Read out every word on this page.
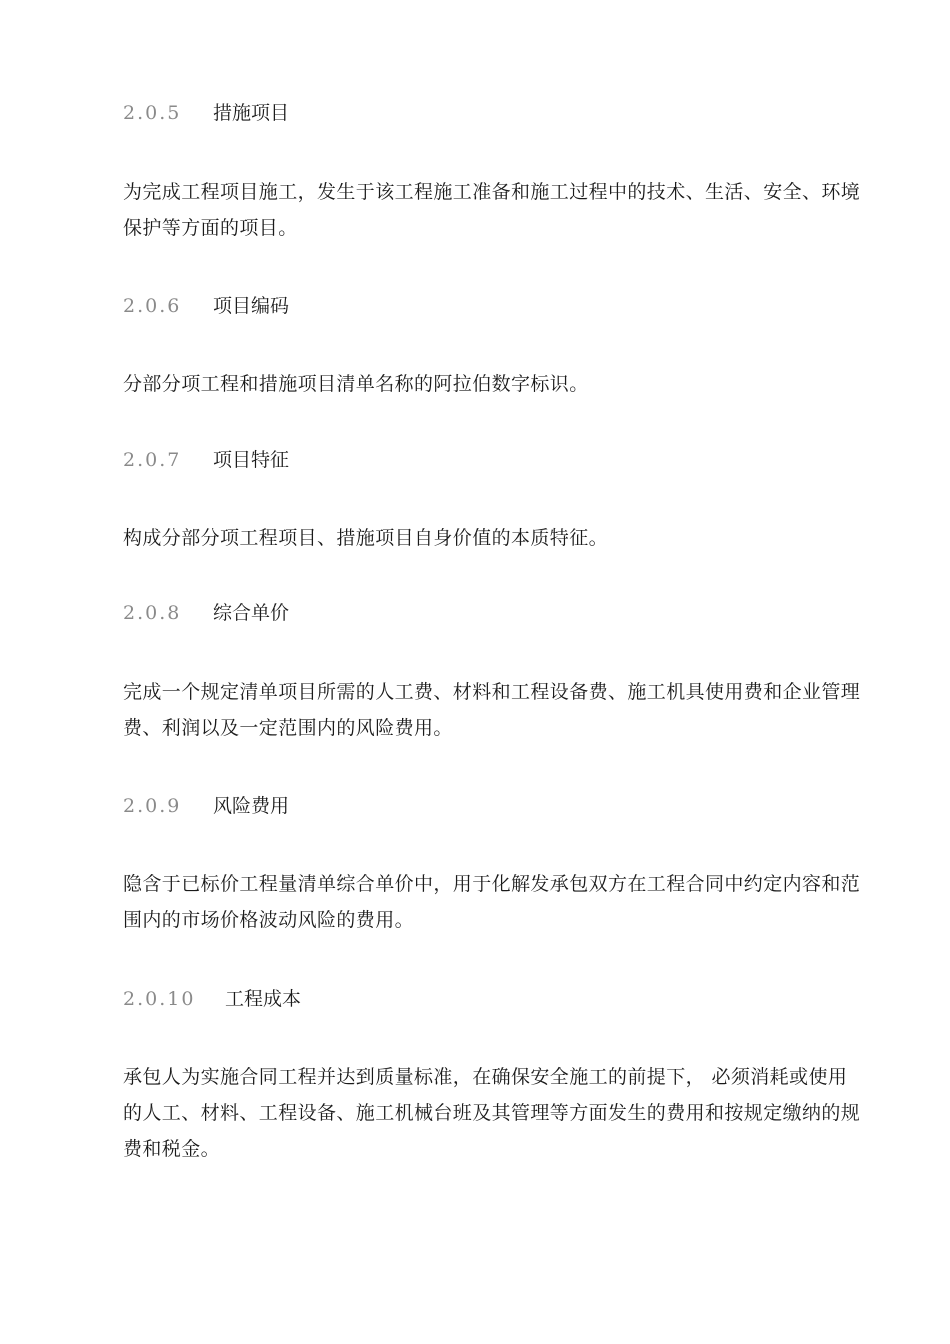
2.0.5 措施项目
为完成工程项目施工，发生于该工程施工准备和施工过程中的技术、生活、安全、环境保护等方面的项目。
2.0.6 项目编码
分部分项工程和措施项目清单名称的阿拉伯数字标识。
2.0.7 项目特征
构成分部分项工程项目、措施项目自身价值的本质特征。
2.0.8 综合单价
完成一个规定清单项目所需的人工费、材料和工程设备费、施工机具使用费和企业管理费、利润以及一定范围内的风险费用。
2.0.9 风险费用
隐含于已标价工程量清单综合单价中，用于化解发承包双方在工程合同中约定内容和范围内的市场价格波动风险的费用。
2.0.10 工程成本
承包人为实施合同工程并达到质量标准，在确保安全施工的前提下， 必须消耗或使用的人工、材料、工程设备、施工机械台班及其管理等方面发生的费用和按规定缴纳的规费和税金。
